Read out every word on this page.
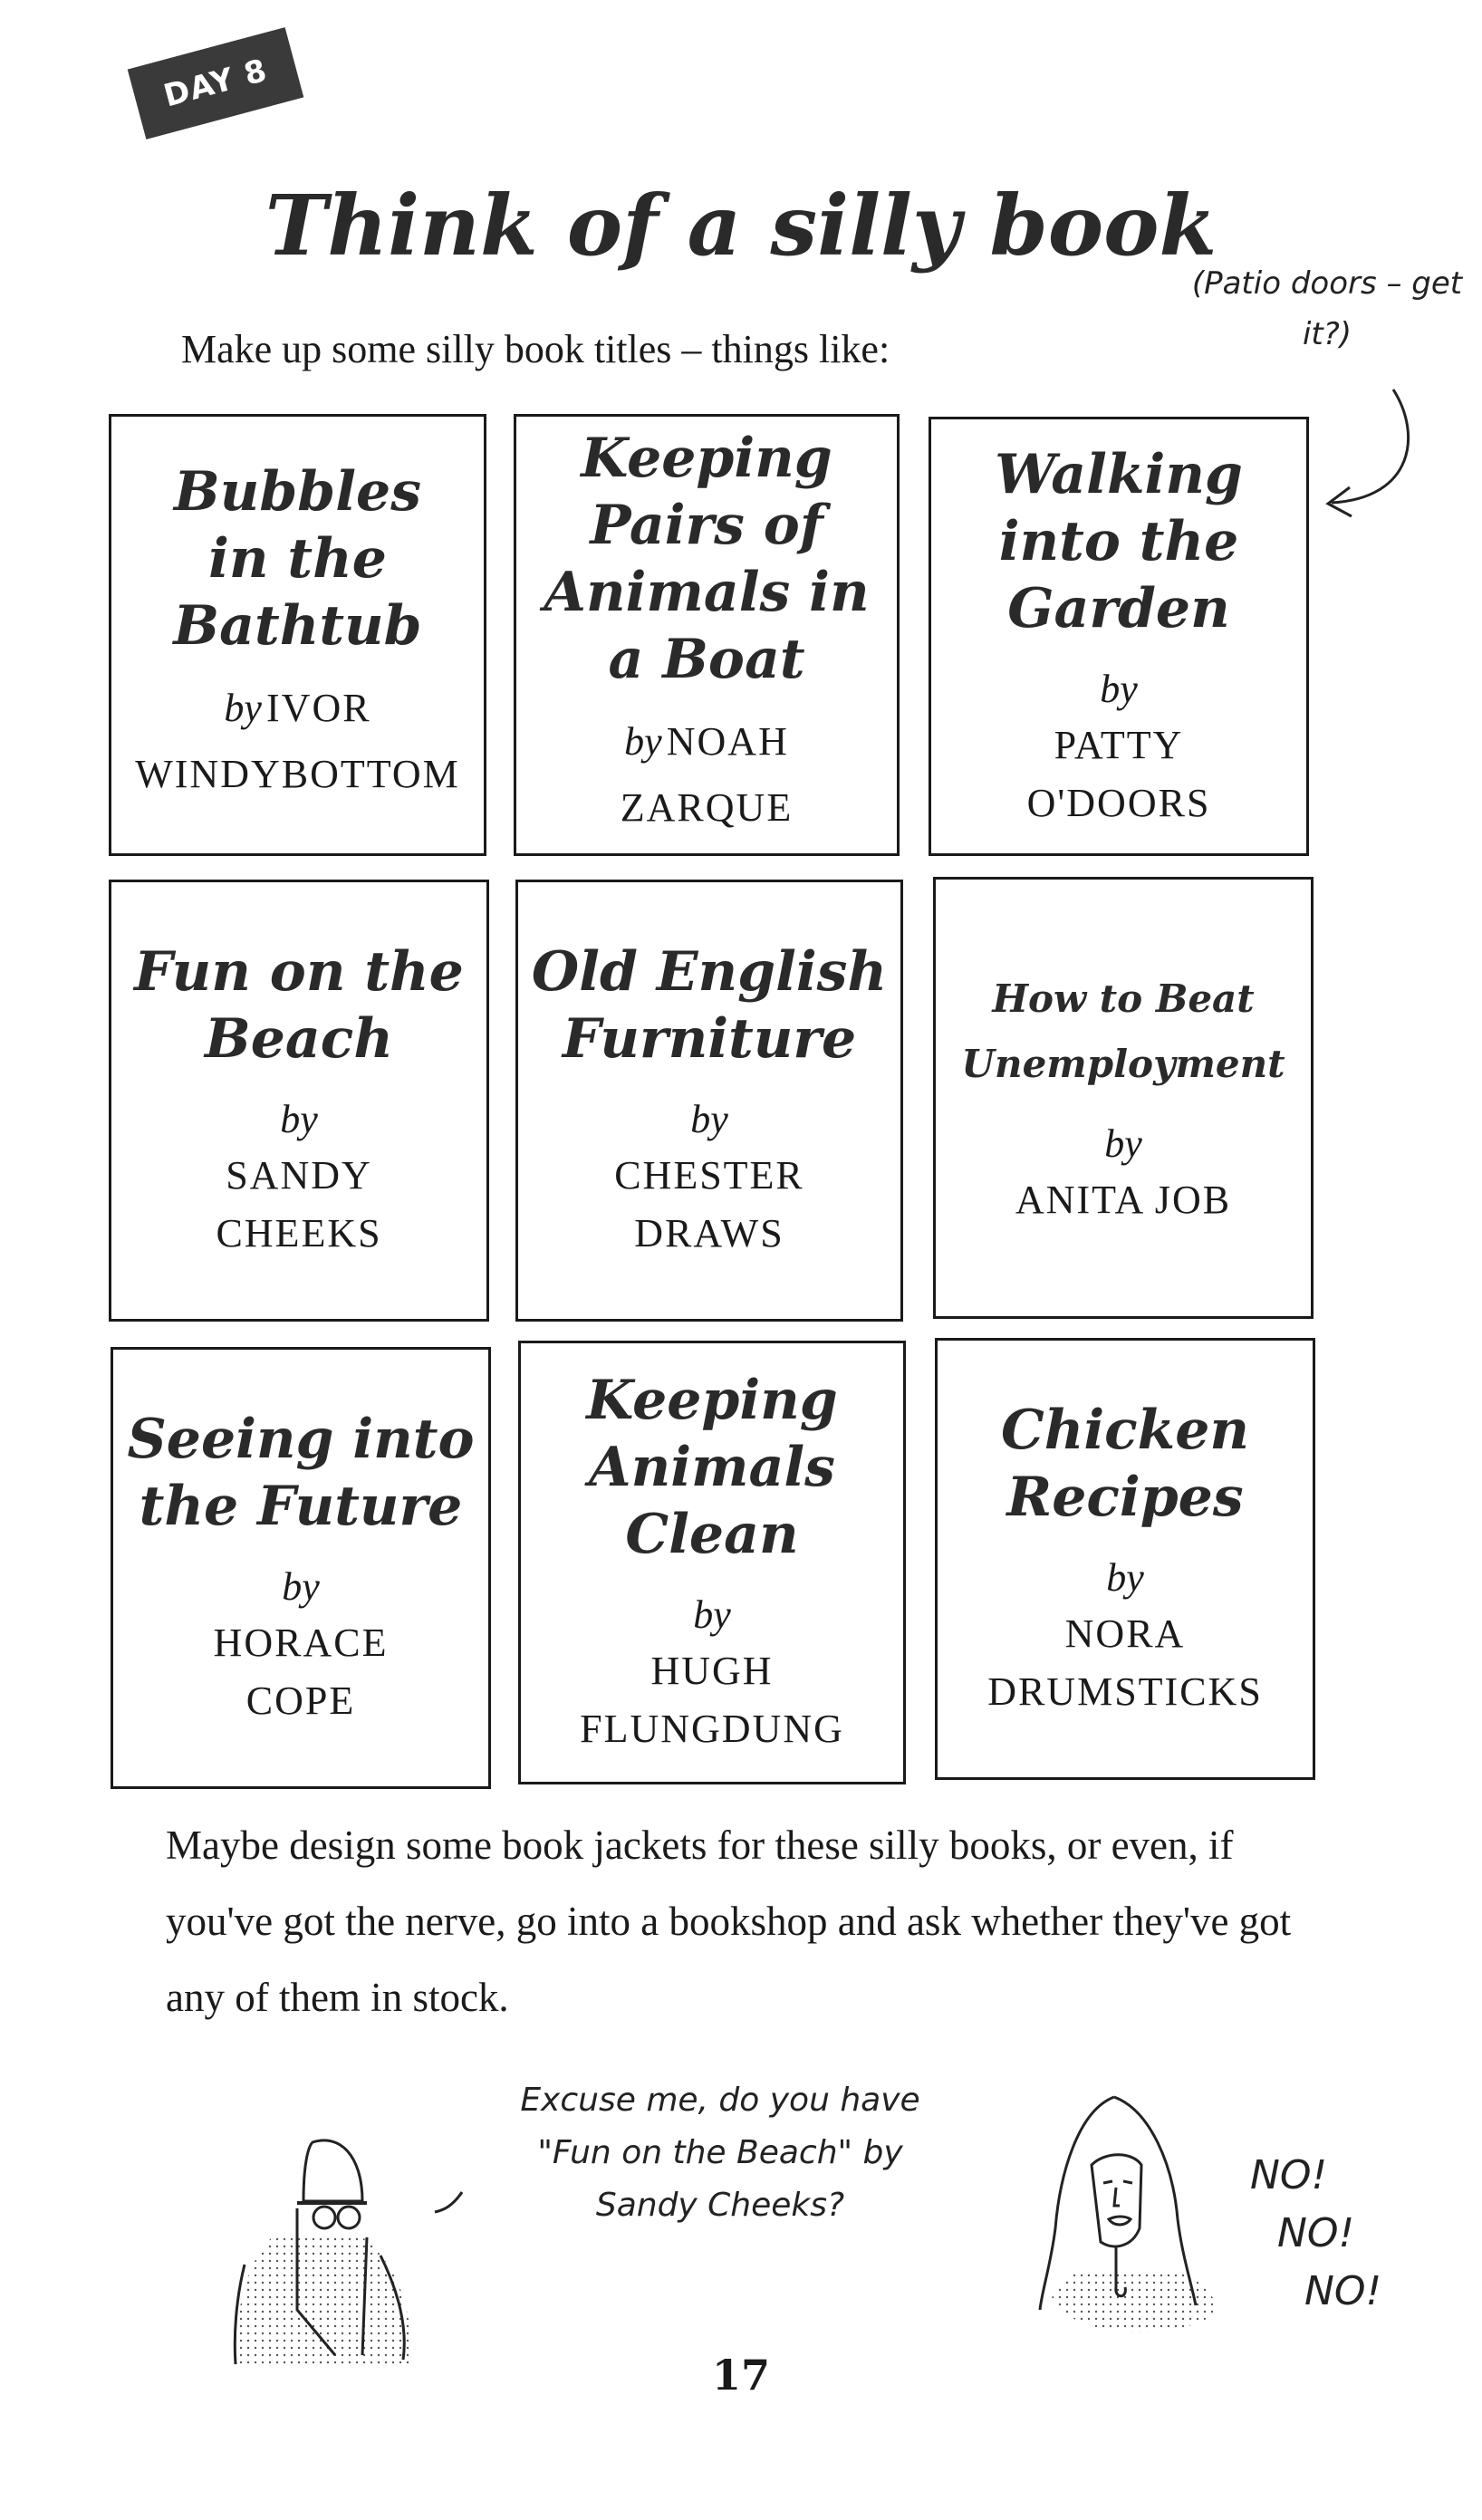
DAY 8
Think of a silly book
(Patio doors – get it?)
Make up some silly book titles – things like:
Bubbles
in the
Bathtub
by IVOR
WINDYBOTTOM
Keeping
Pairs of
Animals in
a Boat
by NOAH
ZARQUE
Walking
into the
Garden
by
PATTY
O'DOORS
Fun on the
Beach
by
SANDY
CHEEKS
Old English
Furniture
by
CHESTER
DRAWS
How to Beat
Unemployment
by
ANITA JOB
Seeing into
the Future
by
HORACE
COPE
Keeping
Animals
Clean
by
HUGH
FLUNGDUNG
Chicken
Recipes
by
NORA
DRUMSTICKS
Maybe design some book jackets for these silly books, or even, if you've got the nerve, go into a bookshop and ask whether they've got any of them in stock.
Excuse me, do you have "Fun on the Beach" by Sandy Cheeks?
NO!
NO!
NO!
17
